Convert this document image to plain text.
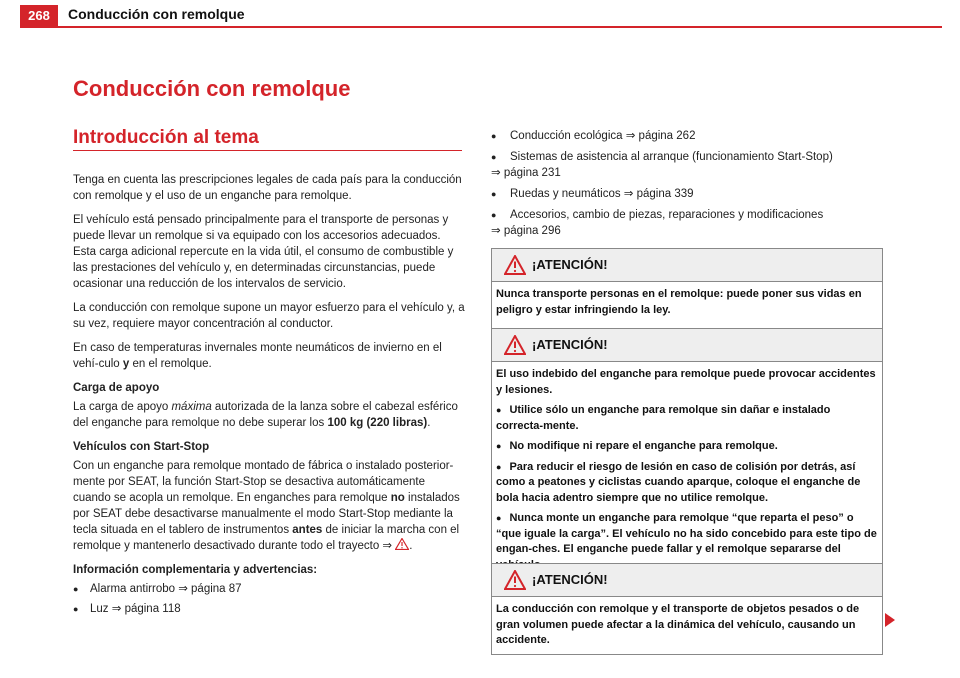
268	Conducción con remolque
Conducción con remolque
Introducción al tema

Tenga en cuenta las prescripciones legales de cada país para la conducción con remolque y el uso de un enganche para remolque.

El vehículo está pensado principalmente para el transporte de personas y puede llevar un remolque si va equipado con los accesorios adecuados. Esta carga adicional repercute en la vida útil, el consumo de combustible y las prestaciones del vehículo y, en determinadas circunstancias, puede ocasionar una reducción de los intervalos de servicio.

La conducción con remolque supone un mayor esfuerzo para el vehículo y, a su vez, requiere mayor concentración al conductor.

En caso de temperaturas invernales monte neumáticos de invierno en el vehí-culo y en el remolque.

Carga de apoyo

La carga de apoyo máxima autorizada de la lanza sobre el cabezal esférico del enganche para remolque no debe superar los 100 kg (220 libras).

Vehículos con Start-Stop

Con un enganche para remolque montado de fábrica o instalado posterior-mente por SEAT, la función Start-Stop se desactiva automáticamente cuando se acopla un remolque. En enganches para remolque no instalados por SEAT debe desactivarse manualmente el modo Start-Stop mediante la tecla situada en el tablero de instrumentos antes de iniciar la marcha con el remolque y mantenerlo desactivado durante todo el trayecto ⇒ .

Información complementaria y advertencias:

● Alarma antirrobo ⇒ página 87
● Luz ⇒ página 118
● Conducción ecológica ⇒ página 262
● Sistemas de asistencia al arranque (funcionamiento Start-Stop)
⇒ página 231
● Ruedas y neumáticos ⇒ página 339
● Accesorios, cambio de piezas, reparaciones y modificaciones
⇒ página 296
¡ATENCIÓN!

Nunca transporte personas en el remolque: puede poner sus vidas en peligro y estar infringiendo la ley.

¡ATENCIÓN!

El uso indebido del enganche para remolque puede provocar accidentes y lesiones.

● Utilice sólo un enganche para remolque sin dañar e instalado correcta-mente.

● No modifique ni repare el enganche para remolque.

● Para reducir el riesgo de lesión en caso de colisión por detrás, así como a peatones y ciclistas cuando aparque, coloque el enganche de bola hacia adentro siempre que no utilice remolque.

● Nunca monte un enganche para remolque “que reparta el peso” o “que iguale la carga”. El vehículo no ha sido concebido para este tipo de engan-ches. El enganche puede fallar y el remolque separarse del

¡ATENCIÓN!

La conducción con remolque y el transporte de objetos pesados o de gran volumen puede afectar a la dinámica del vehículo, causando un accidente.
